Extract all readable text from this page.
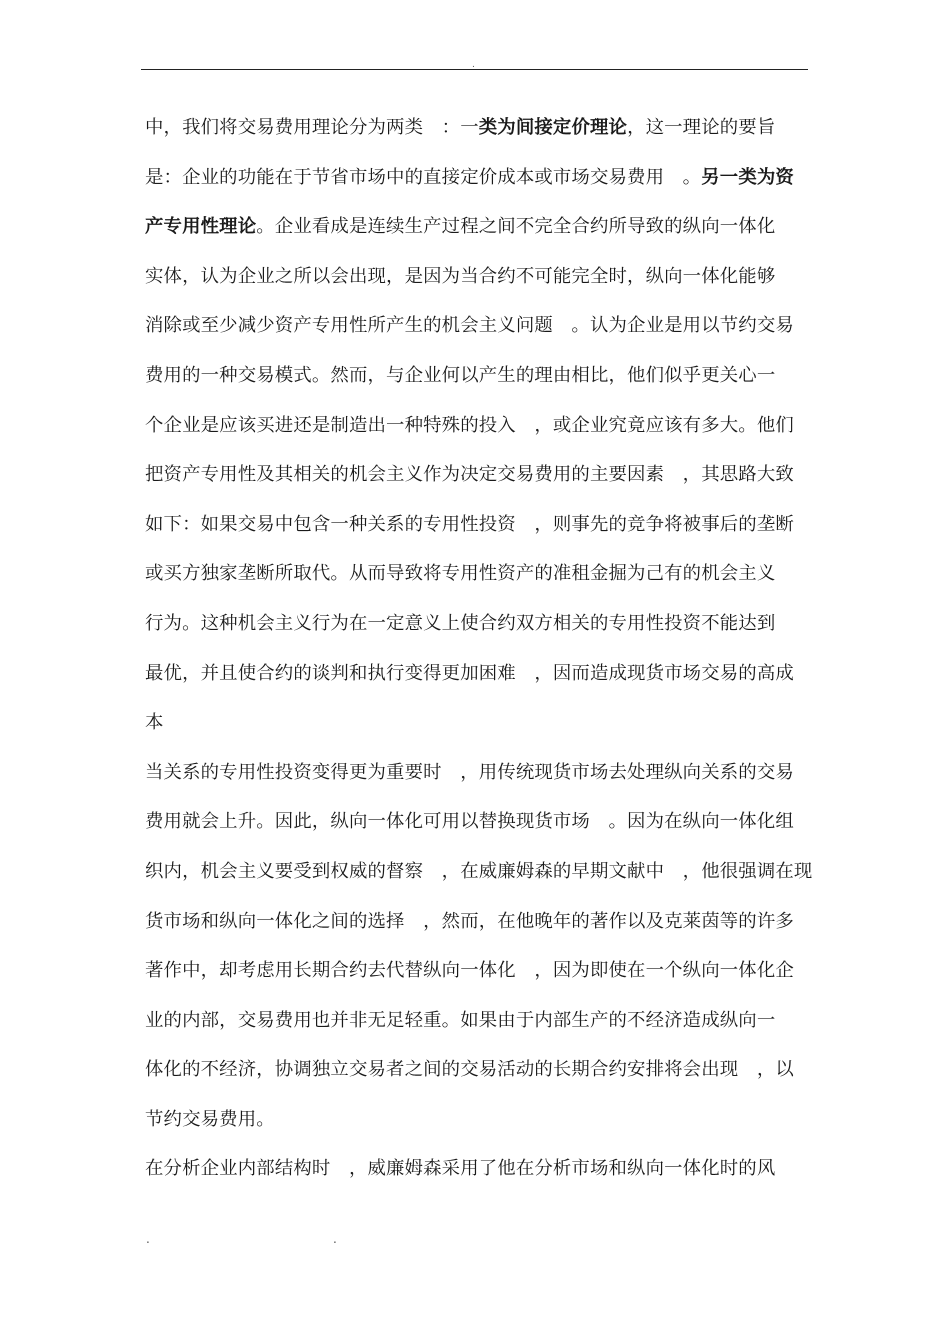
.
中，我们将交易费用理论分为两类　：一类为间接定价理论，这一理论的要旨
是：企业的功能在于节省市场中的直接定价成本或市场交易费用　。另一类为资
产专用性理论。企业看成是连续生产过程之间不完全合约所导致的纵向一体化
实体，认为企业之所以会出现，是因为当合约不可能完全时，纵向一体化能够
消除或至少减少资产专用性所产生的机会主义问题　。认为企业是用以节约交易
费用的一种交易模式。然而，与企业何以产生的理由相比，他们似乎更关心一
个企业是应该买进还是制造出一种特殊的投入　，或企业究竟应该有多大。他们
把资产专用性及其相关的机会主义作为决定交易费用的主要因素　，其思路大致
如下：如果交易中包含一种关系的专用性投资　，则事先的竞争将被事后的垄断
或买方独家垄断所取代。从而导致将专用性资产的准租金掘为己有的机会主义
行为。这种机会主义行为在一定意义上使合约双方相关的专用性投资不能达到
最优，并且使合约的谈判和执行变得更加困难　，因而造成现货市场交易的高成
本
当关系的专用性投资变得更为重要时　，用传统现货市场去处理纵向关系的交易
费用就会上升。因此，纵向一体化可用以替换现货市场　。因为在纵向一体化组
织内，机会主义要受到权威的督察　，在威廉姆森的早期文献中　，他很强调在现
货市场和纵向一体化之间的选择　，然而，在他晚年的著作以及克莱茵等的许多
著作中，却考虑用长期合约去代替纵向一体化　，因为即使在一个纵向一体化企
业的内部，交易费用也并非无足轻重。如果由于内部生产的不经济造成纵向一
体化的不经济，协调独立交易者之间的交易活动的长期合约安排将会出现　，以
节约交易费用。
在分析企业内部结构时　，威廉姆森采用了他在分析市场和纵向一体化时的风
.	.
